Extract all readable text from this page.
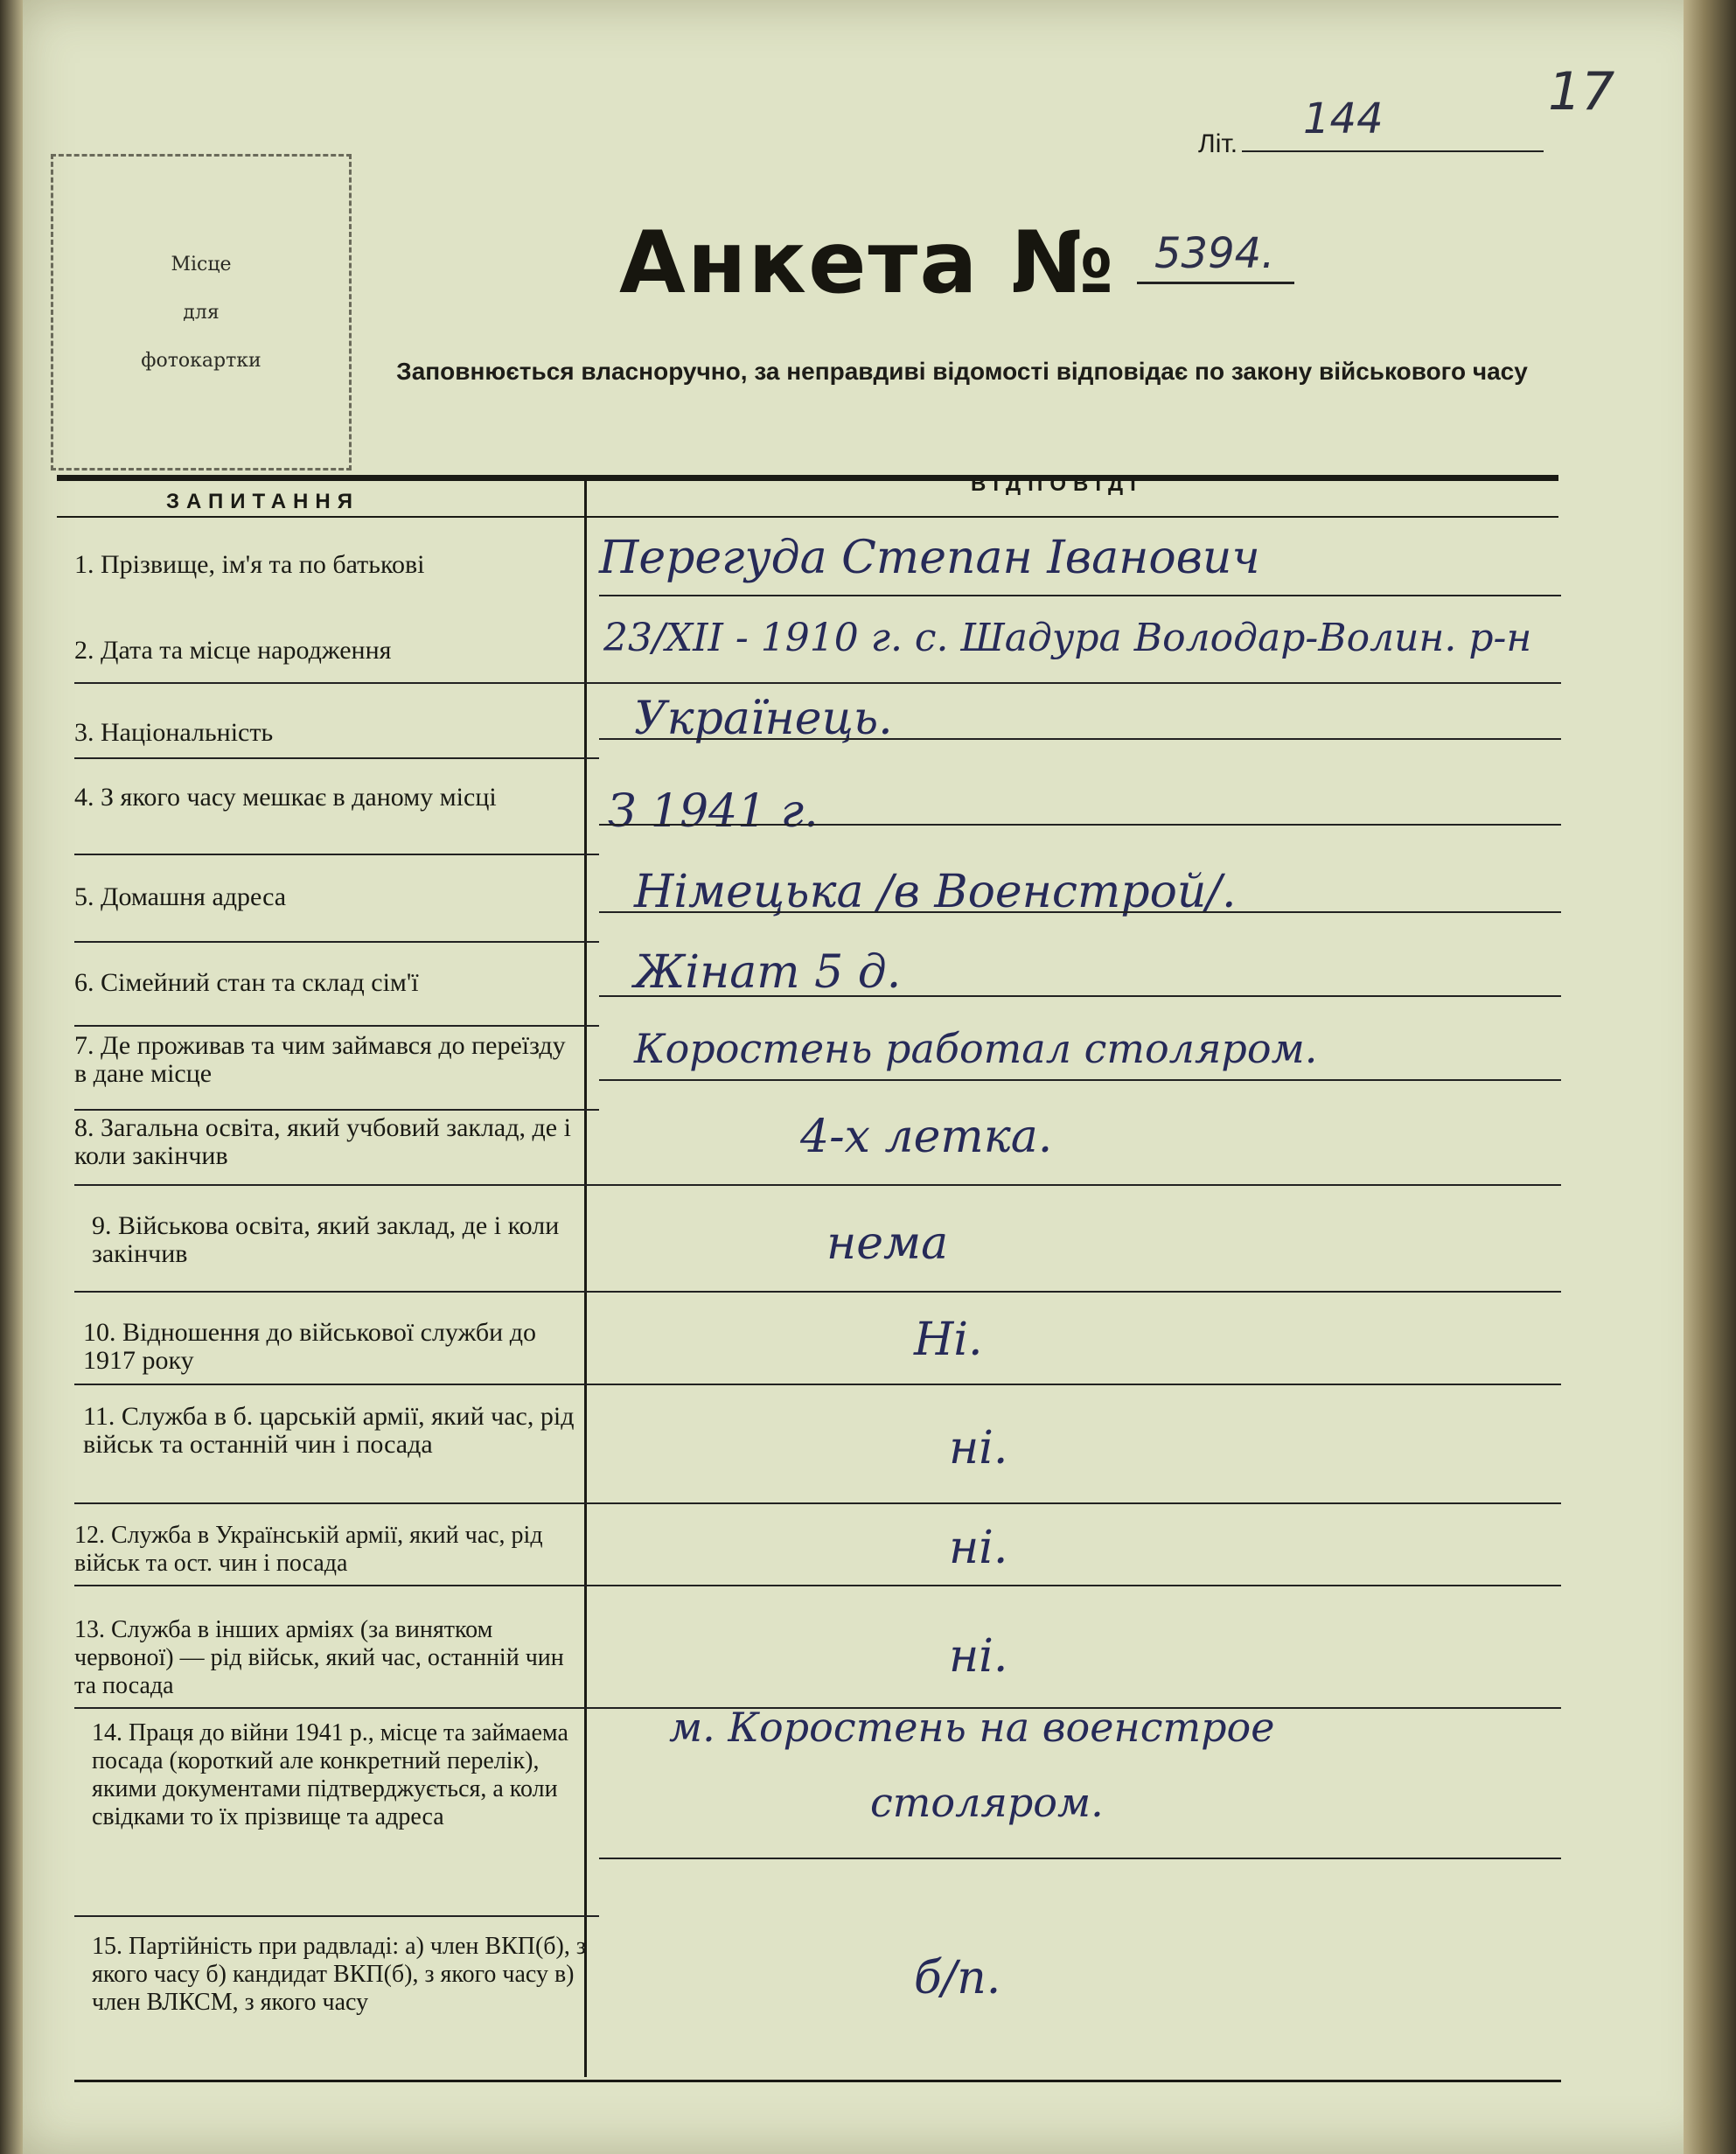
17
Літ.
144
Місце
для
фотокартки
Анкета № 5394.
Заповнюється власноручно, за неправдиві відомості відповідає по закону військового часу
ЗАПИТАННЯ
ВІДПОВІДІ
1. Прізвище, ім'я та по батькові	Перегуда Степан Іванович
2. Дата та місце народження	23/XII - 1910 г. с. Шадура Володар-Волин. р-н
3. Національність	Українець.
4. З якого часу мешкає в даному місці	З 1941 г.
5. Домашня адреса	Німецька /в Военстрой/.
6. Сімейний стан та склад сім'ї	Жінат 5 д.
7. Де проживав та чим займався до переїзду в дане місце
Коростень работал столяром.
8. Загальна освіта, який учбовий заклад, де і коли закінчив	4-х летка.
9. Військова освіта, який заклад, де і коли закінчив	нема
10. Відношення до військової служби до 1917 року	Ні.
11. Служба в б. царській армії, який час, рід військ та останній чин і посада	ні.
12. Служба в Українській армії, який час, рід військ та ост. чин і посада	ні.
13. Служба в інших арміях (за винятком червоної) — рід військ, який час, останній чин та посада
ні.
14. Праця до війни 1941 р., місце та займаема посада (короткий але конкретний перелік), якими документами підтверджується, а коли свідками то їх прізвище та адреса
м. Коростень на военстрое
столяром.
15. Партійність при радвладі: а) член ВКП(б), з якого часу б) кандидат ВКП(б), з якого часу в) член ВЛКСМ, з якого часу	б/п.
